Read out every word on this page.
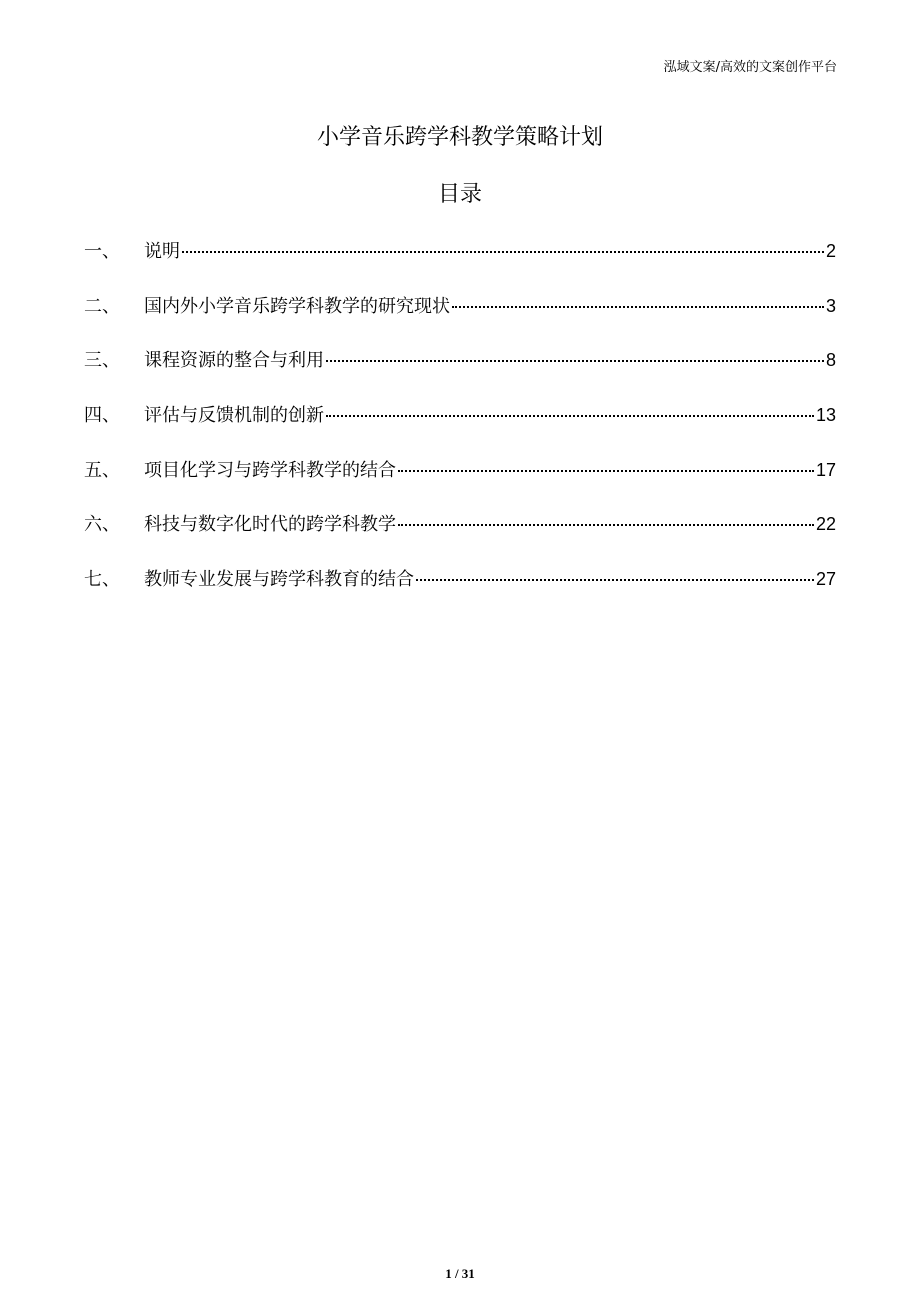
泓域文案/高效的文案创作平台
小学音乐跨学科教学策略计划
目录
一、	说明	2
二、	国内外小学音乐跨学科教学的研究现状	3
三、	课程资源的整合与利用	8
四、	评估与反馈机制的创新	13
五、	项目化学习与跨学科教学的结合	17
六、	科技与数字化时代的跨学科教学	22
七、	教师专业发展与跨学科教育的结合	27
1 / 31
